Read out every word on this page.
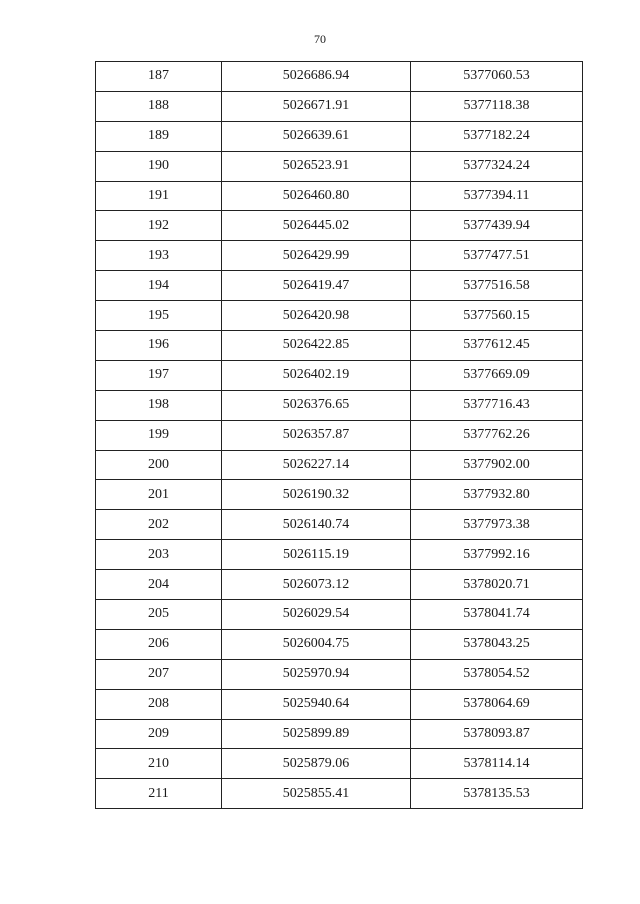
70
187	5026686.94	5377060.53
188	5026671.91	5377118.38
189	5026639.61	5377182.24
190	5026523.91	5377324.24
191	5026460.80	5377394.11
192	5026445.02	5377439.94
193	5026429.99	5377477.51
194	5026419.47	5377516.58
195	5026420.98	5377560.15
196	5026422.85	5377612.45
197	5026402.19	5377669.09
198	5026376.65	5377716.43
199	5026357.87	5377762.26
200	5026227.14	5377902.00
201	5026190.32	5377932.80
202	5026140.74	5377973.38
203	5026115.19	5377992.16
204	5026073.12	5378020.71
205	5026029.54	5378041.74
206	5026004.75	5378043.25
207	5025970.94	5378054.52
208	5025940.64	5378064.69
209	5025899.89	5378093.87
210	5025879.06	5378114.14
211	5025855.41	5378135.53
